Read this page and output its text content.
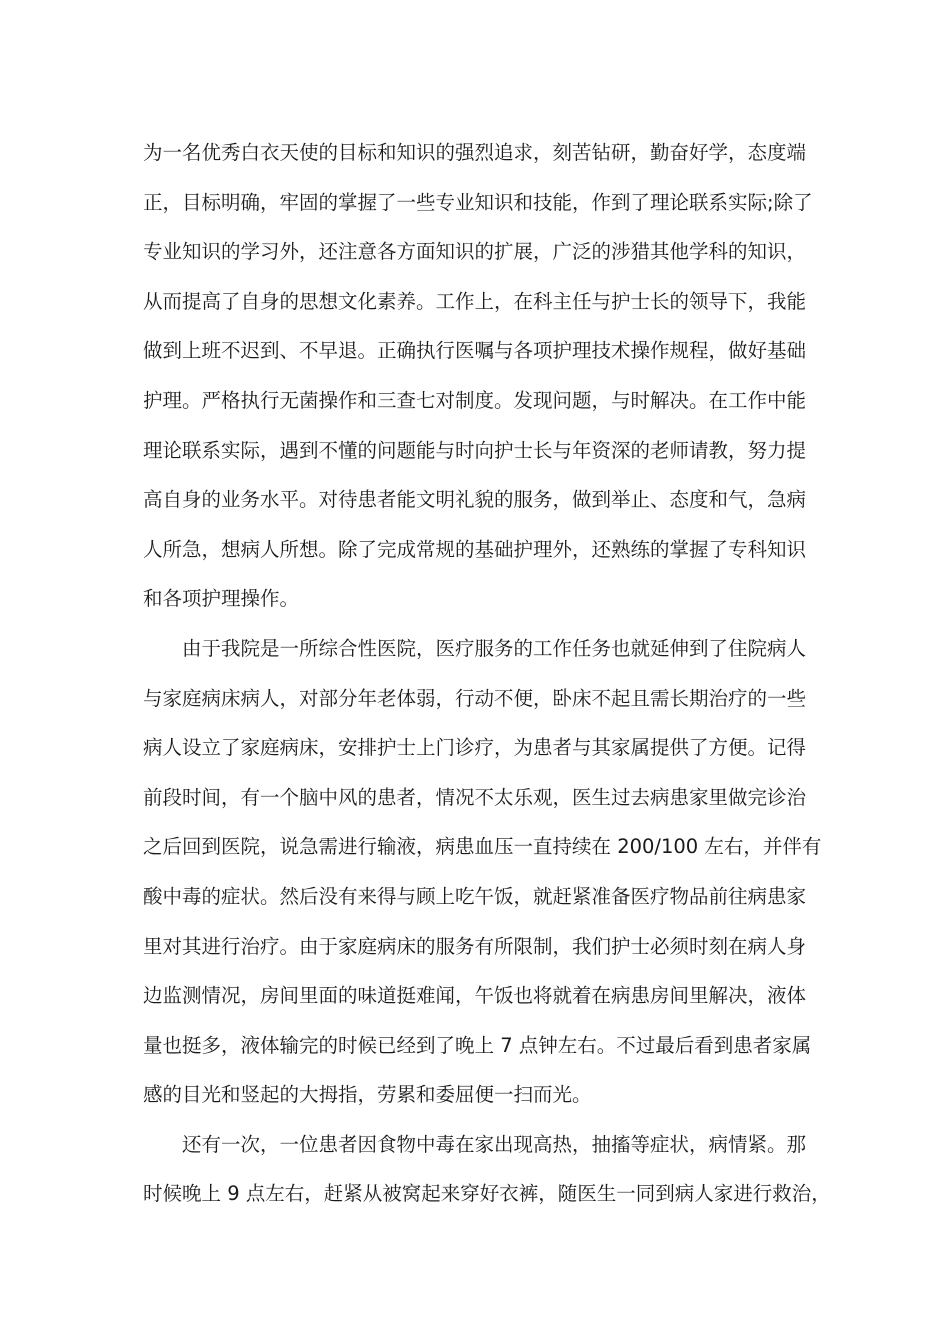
为一名优秀白衣天使的目标和知识的强烈追求，刻苦钻研，勤奋好学，态度端
正，目标明确，牢固的掌握了一些专业知识和技能，作到了理论联系实际;除了
专业知识的学习外，还注意各方面知识的扩展，广泛的涉猎其他学科的知识，
从而提高了自身的思想文化素养。工作上，在科主任与护士长的领导下，我能
做到上班不迟到、不早退。正确执行医嘱与各项护理技术操作规程，做好基础
护理。严格执行无菌操作和三查七对制度。发现问题，与时解决。在工作中能
理论联系实际，遇到不懂的问题能与时向护士长与年资深的老师请教，努力提
高自身的业务水平。对待患者能文明礼貌的服务，做到举止、态度和气，急病
人所急，想病人所想。除了完成常规的基础护理外，还熟练的掌握了专科知识
和各项护理操作。
由于我院是一所综合性医院，医疗服务的工作任务也就延伸到了住院病人
与家庭病床病人，对部分年老体弱，行动不便，卧床不起且需长期治疗的一些
病人设立了家庭病床，安排护士上门诊疗，为患者与其家属提供了方便。记得
前段时间，有一个脑中风的患者，情况不太乐观，医生过去病患家里做完诊治
之后回到医院，说急需进行输液，病患血压一直持续在 200/100 左右，并伴有
酸中毒的症状。然后没有来得与顾上吃午饭，就赶紧准备医疗物品前往病患家
里对其进行治疗。由于家庭病床的服务有所限制，我们护士必须时刻在病人身
边监测情况，房间里面的味道挺难闻，午饭也将就着在病患房间里解决，液体
量也挺多，液体输完的时候已经到了晚上 7 点钟左右。不过最后看到患者家属
感的目光和竖起的大拇指，劳累和委屈便一扫而光。
还有一次，一位患者因食物中毒在家出现高热，抽搐等症状，病情紧。那
时候晚上 9 点左右，赶紧从被窝起来穿好衣裤，随医生一同到病人家进行救治，
